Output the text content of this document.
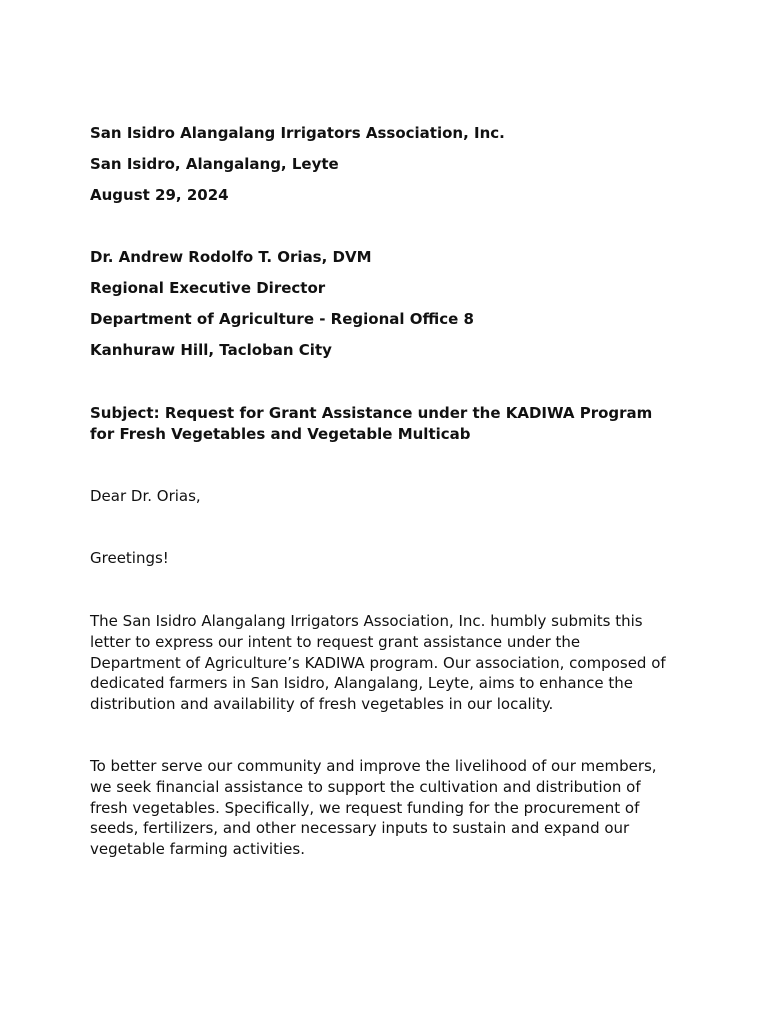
San Isidro Alangalang Irrigators Association, Inc.

San Isidro, Alangalang, Leyte

August 29, 2024

Dr. Andrew Rodolfo T. Orias, DVM

Regional Executive Director

Department of Agriculture - Regional Office 8

Kanhuraw Hill, Tacloban City

Subject: Request for Grant Assistance under the KADIWA Program

for Fresh Vegetables and Vegetable Multicab

Dear Dr. Orias,

Greetings!

The San Isidro Alangalang Irrigators Association, Inc. humbly submits this
letter to express our intent to request grant assistance under the
Department of Agriculture’s KADIWA program. Our association, composed of
dedicated farmers in San Isidro, Alangalang, Leyte, aims to enhance the
distribution and availability of fresh vegetables in our locality.
To better serve our community and improve the livelihood of our members,
we seek financial assistance to support the cultivation and distribution of
fresh vegetables. Specifically, we request funding for the procurement of
seeds, fertilizers, and other necessary inputs to sustain and expand our
vegetable farming activities.
